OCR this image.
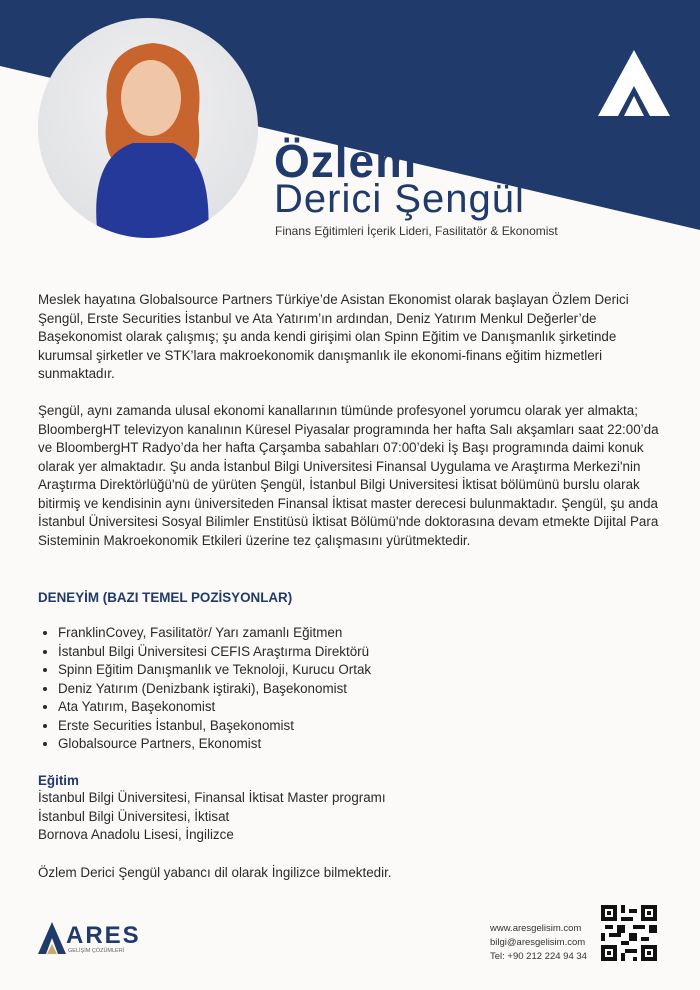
Özlem
Derici Şengül
Finans Eğitimleri İçerik Lideri, Fasilitatör & Ekonomist
Meslek hayatına Globalsource Partners Türkiye’de Asistan Ekonomist olarak başlayan Özlem Derici Şengül, Erste Securities İstanbul ve Ata Yatırım’ın ardından, Deniz Yatırım Menkul Değerler’de Başekonomist olarak çalışmış; şu anda kendi girişimi olan Spinn Eğitim ve Danışmanlık şirketinde kurumsal şirketler ve STK’lara makroekonomik danışmanlık ile ekonomi-finans eğitim hizmetleri sunmaktadır.
Şengül, aynı zamanda ulusal ekonomi kanallarının tümünde profesyonel yorumcu olarak yer almakta; BloombergHT televizyon kanalının Küresel Piyasalar programında her hafta Salı akşamları saat 22:00’da ve BloombergHT Radyo’da her hafta Çarşamba sabahları 07:00’deki İş Başı programında daimi konuk olarak yer almaktadır. Şu anda İstanbul Bilgi Universitesi Finansal Uygulama ve Araştırma Merkezi'nin Araştırma Direktörlüğü'nü de yürüten Şengül, İstanbul Bilgi Universitesi İktisat bölümünü burslu olarak bitirmiş ve kendisinin aynı üniversiteden Finansal İktisat master derecesi bulunmaktadır. Şengül, şu anda İstanbul Üniversitesi Sosyal Bilimler Enstitüsü İktisat Bölümü'nde doktorasına devam etmekte Dijital Para Sisteminin Makroekonomik Etkileri üzerine tez çalışmasını yürütmektedir.
DENEYİM (BAZI TEMEL POZİSYONLAR)
• FranklinCovey, Fasilitatör/ Yarı zamanlı Eğitmen
• İstanbul Bilgi Üniversitesi CEFIS Araştırma Direktörü
• Spinn Eğitim Danışmanlık ve Teknoloji, Kurucu Ortak
• Deniz Yatırım (Denizbank iştiraki), Başekonomist
• Ata Yatırım, Başekonomist
• Erste Securities İstanbul, Başekonomist
• Globalsource Partners, Ekonomist
Eğitim
İstanbul Bilgi Üniversitesi, Finansal İktisat Master programı
İstanbul Bilgi Üniversitesi, İktisat
Bornova Anadolu Lisesi, İngilizce
Özlem Derici Şengül yabancı dil olarak İngilizce bilmektedir.
ARES
GELİŞİM ÇÖZÜMLERİ
www.aresgelisim.com
bilgi@aresgelisim.com
Tel: +90 212 224 94 34
